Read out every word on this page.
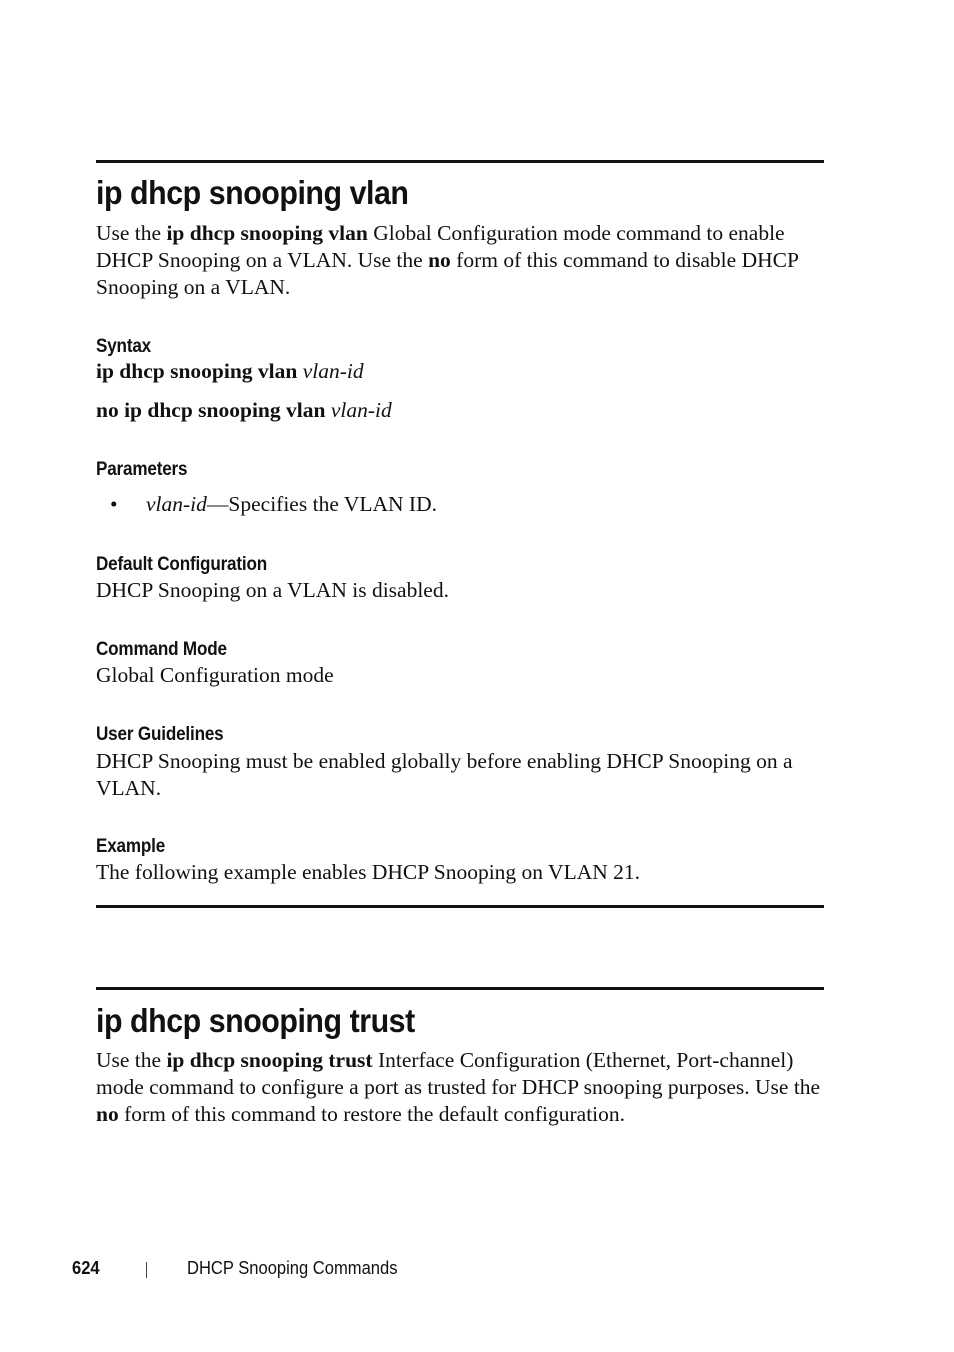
ip dhcp snooping vlan

Use the ip dhcp snooping vlan Global Configuration mode command to enable DHCP Snooping on a VLAN. Use the no form of this command to disable DHCP Snooping on a VLAN.

Syntax

ip dhcp snooping vlan vlan-id

no ip dhcp snooping vlan vlan-id

Parameters
• vlan-id—Specifies the VLAN ID.

Default Configuration

DHCP Snooping on a VLAN is disabled.

Command Mode

Global Configuration mode

User Guidelines

DHCP Snooping must be enabled globally before enabling DHCP Snooping on a VLAN.

Example

The following example enables DHCP Snooping on VLAN 21.

ip dhcp snooping trust

Use the ip dhcp snooping trust Interface Configuration (Ethernet, Port-channel) mode command to configure a port as trusted for DHCP snooping purposes. Use the no form of this command to restore the default configuration.

624	DHCP Snooping Commands
